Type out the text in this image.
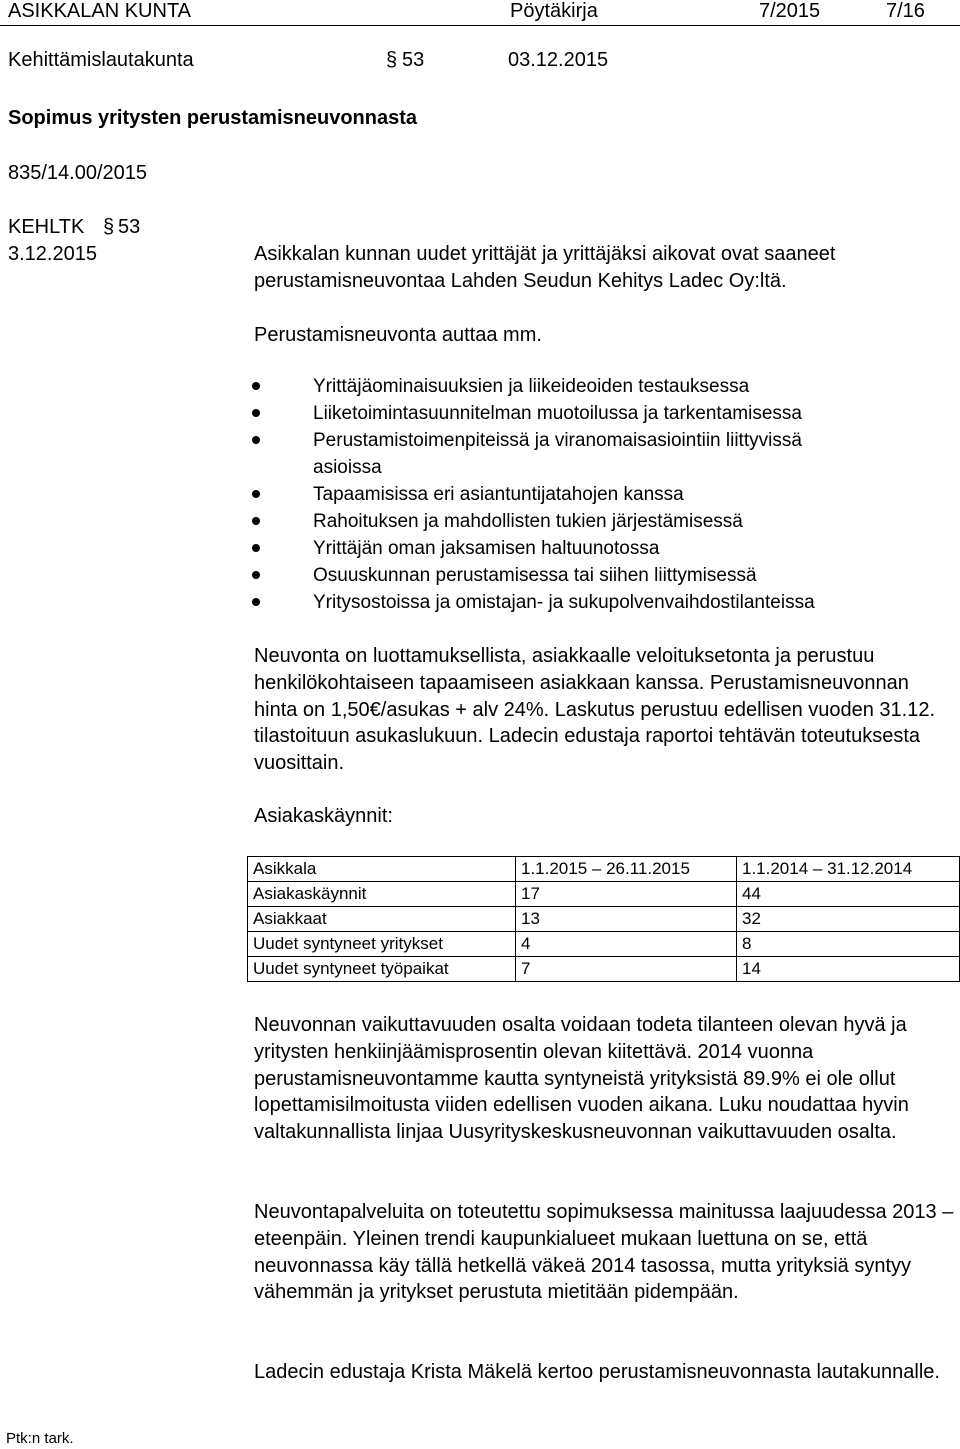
ASIKKALAN KUNTA	Pöytäkirja	7/2015	7/16
Kehittämislautakunta	§ 53	03.12.2015
Sopimus yritysten perustamisneuvonnasta
835/14.00/2015
KEHLTK § 53
3.12.2015	Asikkalan kunnan uudet yrittäjät ja yrittäjäksi aikovat ovat saaneet perustamisneuvontaa Lahden Seudun Kehitys Ladec Oy:ltä.
Perustamisneuvonta auttaa mm.
Yrittäjäominaisuuksien ja liikeideoiden testauksessa
Liiketoimintasuunnitelman muotoilussa ja tarkentamisessa
Perustamistoimenpiteissä ja viranomaisasiointiin liittyvissä
asioissa
Tapaamisissa eri asiantuntijatahojen kanssa
Rahoituksen ja mahdollisten tukien järjestämisessä
Yrittäjän oman jaksamisen haltuunotossa
Osuuskunnan perustamisessa tai siihen liittymisessä
Yritysostoissa ja omistajan- ja sukupolvenvaihdostilanteissa
Neuvonta on luottamuksellista, asiakkaalle veloituksetonta ja perustuu henkilökohtaiseen tapaamiseen asiakkaan kanssa. Perustamisneuvonnan hinta on 1,50€/asukas + alv 24%. Laskutus perustuu edellisen vuoden 31.12. tilastoituun asukaslukuun. Ladecin edustaja raportoi tehtävän toteutuksesta vuosittain.
Asiakaskäynnit:
Asikkala	1.1.2015 – 26.11.2015	1.1.2014 – 31.12.2014
Asiakaskäynnit	17	44
Asiakkaat	13	32
Uudet syntyneet yritykset	4	8
Uudet syntyneet työpaikat	7	14
Neuvonnan vaikuttavuuden osalta voidaan todeta tilanteen olevan hyvä ja yritysten henkiinjäämisprosentin olevan kiitettävä. 2014 vuonna perustamisneuvontamme kautta syntyneistä yrityksistä 89.9% ei ole ollut lopettamisilmoitusta viiden edellisen vuoden aikana. Luku noudattaa hyvin valtakunnallista linjaa Uusyrityskeskusneuvonnan vaikuttavuuden osalta.
Neuvontapalveluita on toteutettu sopimuksessa mainitussa laajuudessa 2013 – eteenpäin. Yleinen trendi kaupunkialueet mukaan luettuna on se, että neuvonnassa käy tällä hetkellä väkeä 2014 tasossa, mutta yrityksiä syntyy vähemmän ja yritykset perustuta mietitään pidempään.
Ladecin edustaja Krista Mäkelä kertoo perustamisneuvonnasta lautakunnalle.
Ptk:n tark.
